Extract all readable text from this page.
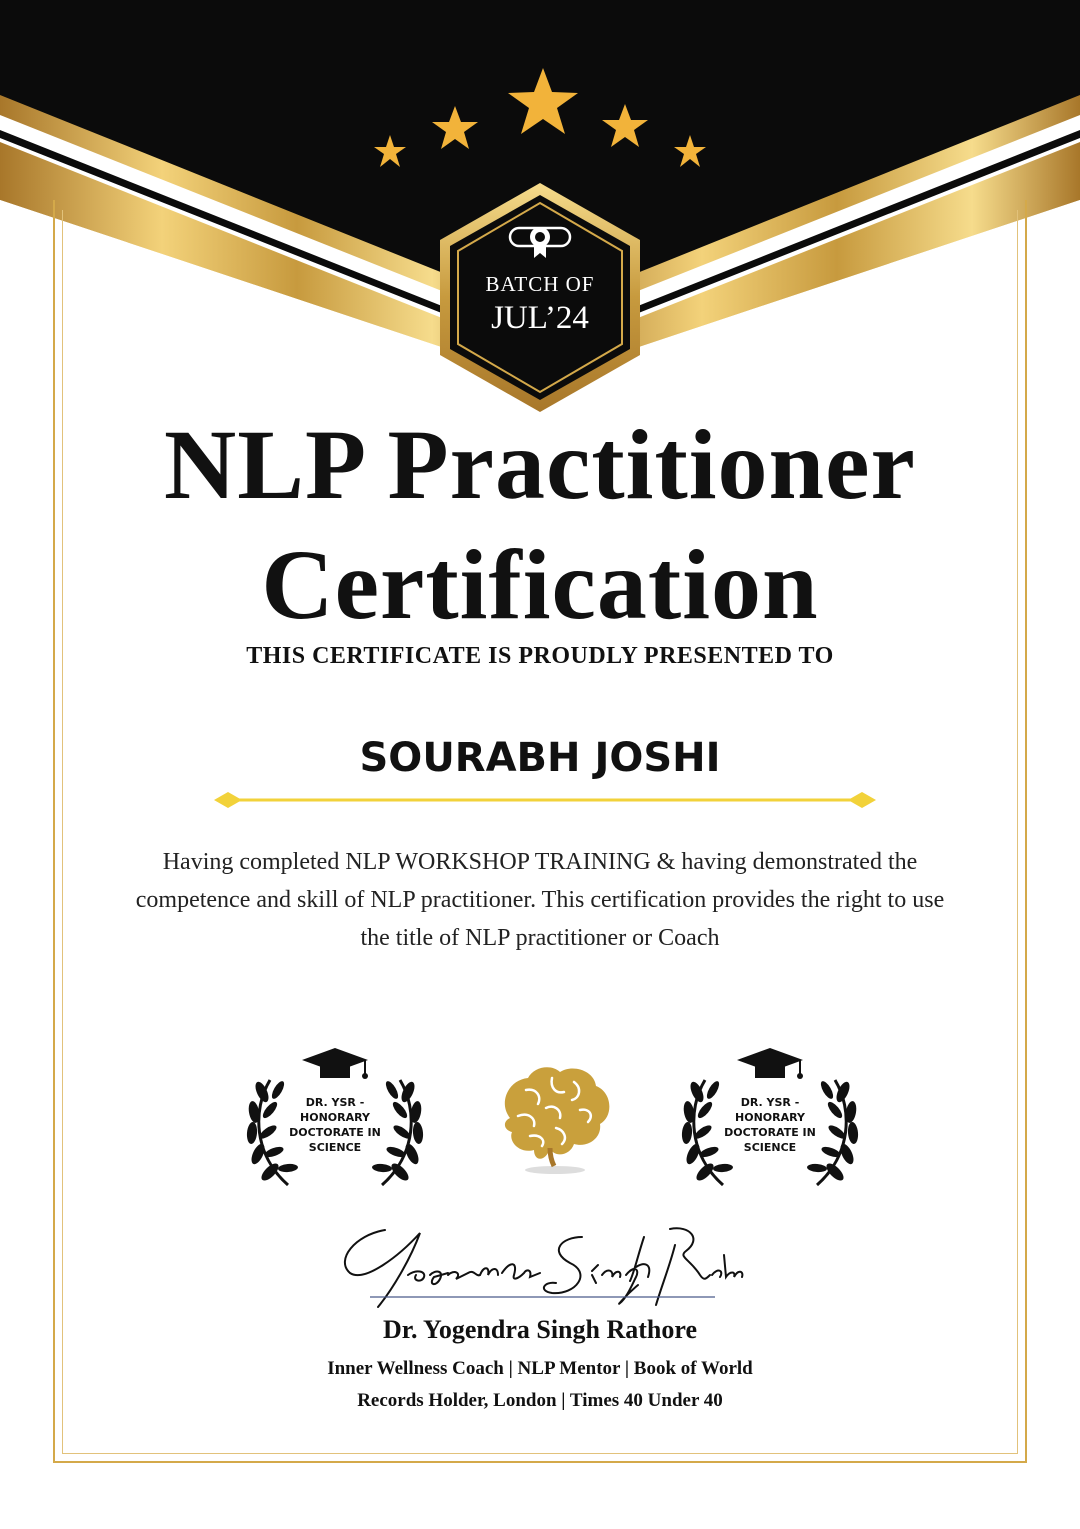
BATCH OF
JUL’24
NLP Practitioner
Certification
THIS CERTIFICATE IS PROUDLY PRESENTED TO
SOURABH JOSHI
Having completed NLP WORKSHOP TRAINING & having demonstrated the competence and skill of NLP practitioner. This certification provides the right to use the title of NLP practitioner or Coach
DR. YSR -
HONORARY
DOCTORATE IN
SCIENCE
DR. YSR -
HONORARY
DOCTORATE IN
SCIENCE
Dr. Yogendra Singh Rathore
Inner Wellness Coach | NLP Mentor | Book of World
Records Holder, London | Times 40 Under 40
